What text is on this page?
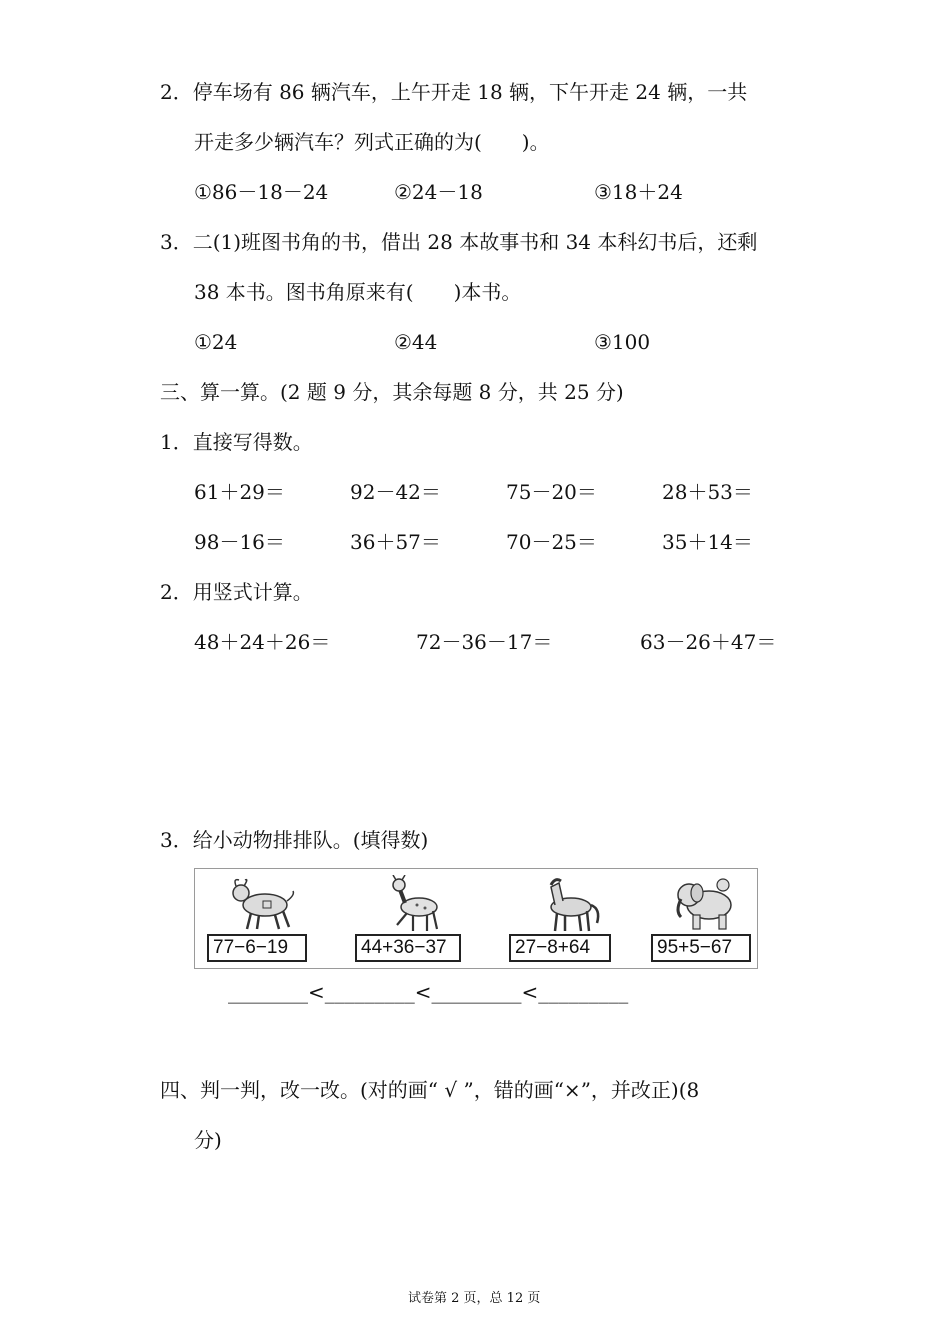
2．停车场有 86 辆汽车，上午开走 18 辆，下午开走 24 辆，一共
开走多少辆汽车？列式正确的为(　　)。
①86－18－24	②24－18	③18＋24
3．二(1)班图书角的书，借出 28 本故事书和 34 本科幻书后，还剩
38 本书。图书角原来有(　　)本书。
①24	②44	③100
三、算一算。(2 题 9 分，其余每题 8 分，共 25 分)
1．直接写得数。
61＋29＝	92－42＝	75－20＝	28＋53＝
98－16＝	36＋57＝	70－25＝	35＋14＝
2．用竖式计算。
48＋24＋26＝	72－36－17＝	63－26＋47＝
3．给小动物排排队。(填得数)
77−6−19	44+36−37	27−8+64	95+5−67
________<_________<_________<_________
四、判一判，改一改。(对的画“ √ ”，错的画“×”，并改正)(8
分)
试卷第 2 页，总 12 页
